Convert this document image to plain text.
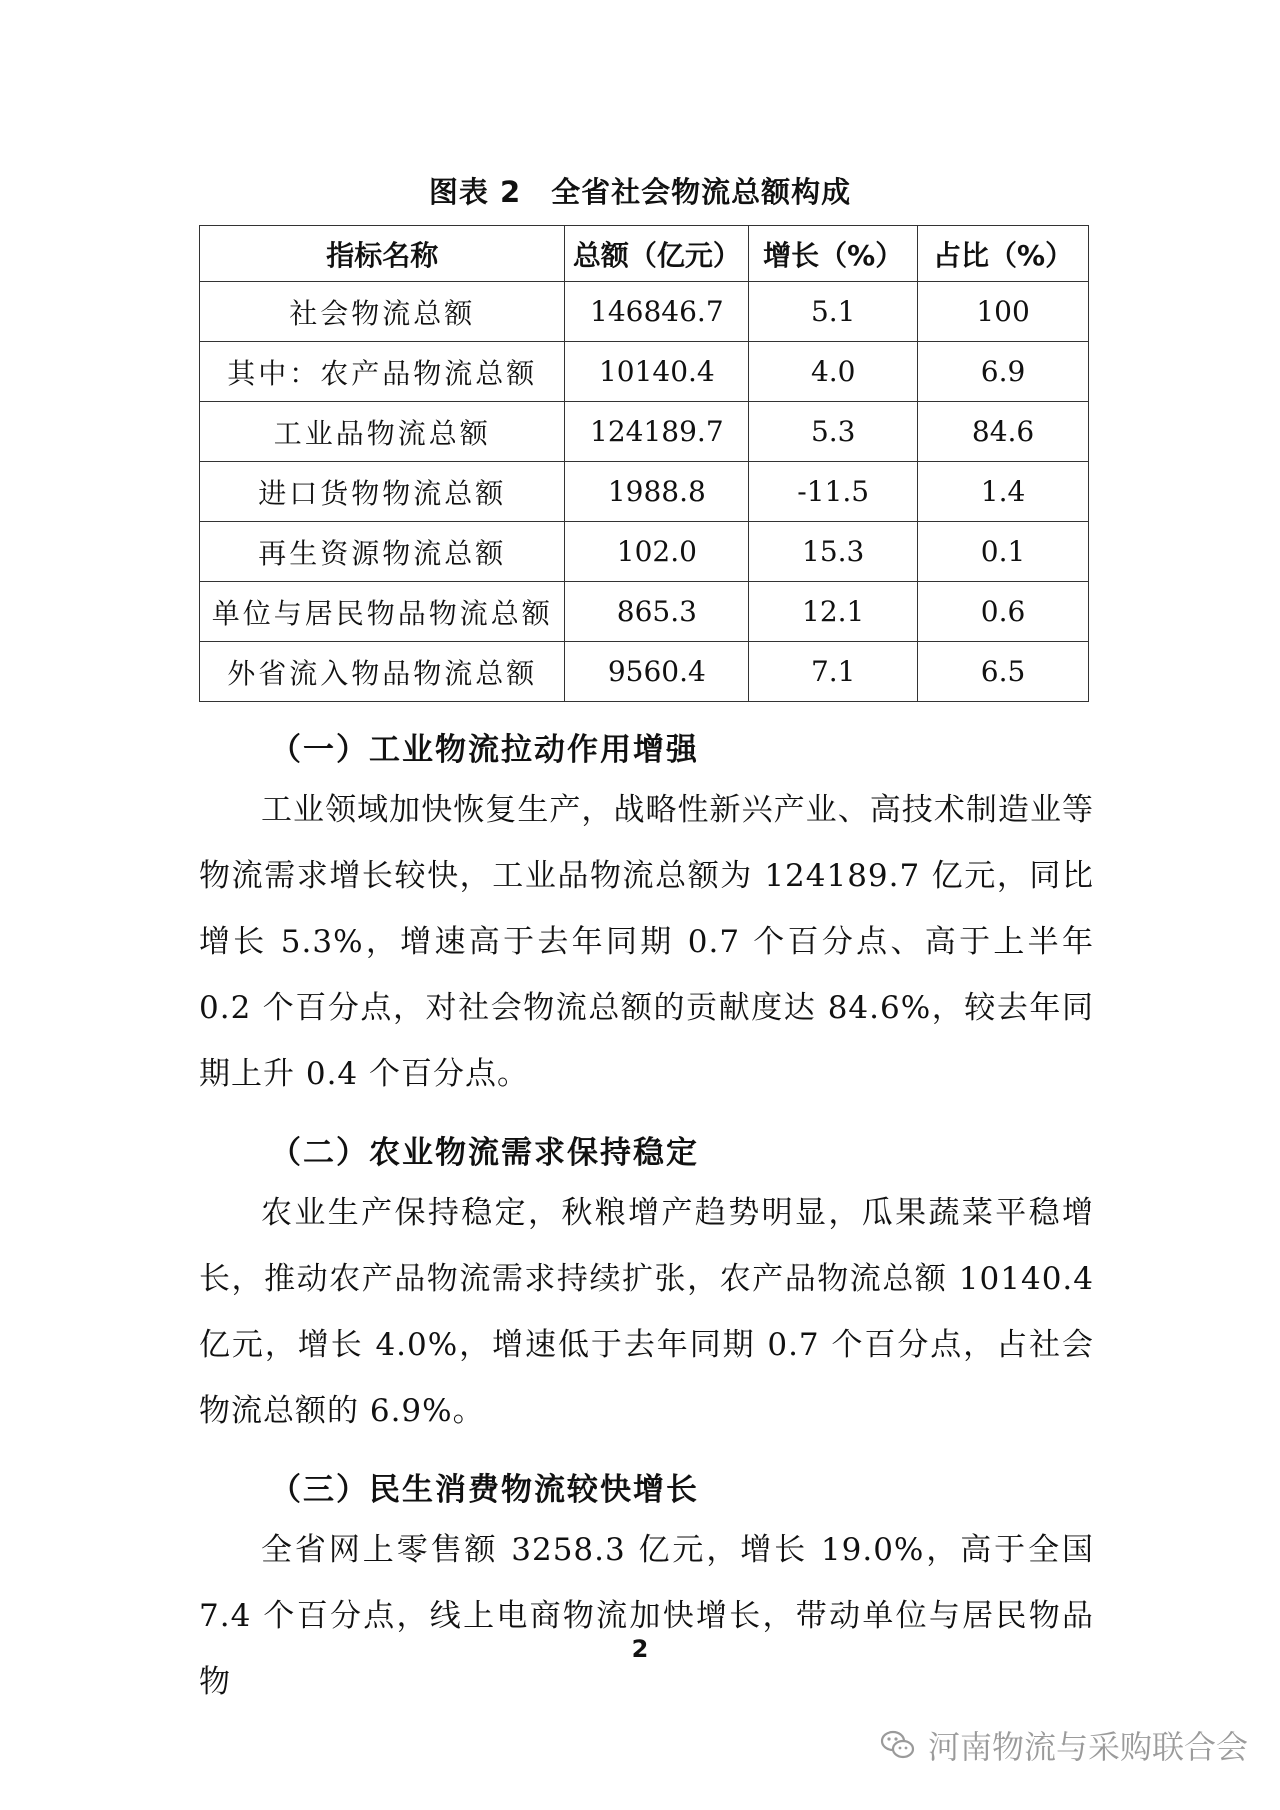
图表 2　全省社会物流总额构成
指标名称	总额（亿元）	增长（%）	占比（%）
社会物流总额	146846.7	5.1	100
其中：农产品物流总额	10140.4	4.0	6.9
工业品物流总额	124189.7	5.3	84.6
进口货物物流总额	1988.8	-11.5	1.4
再生资源物流总额	102.0	15.3	0.1
单位与居民物品物流总额	865.3	12.1	0.6
外省流入物品物流总额	9560.4	7.1	6.5
（一）工业物流拉动作用增强
工业领域加快恢复生产，战略性新兴产业、高技术制造业等物流需求增长较快，工业品物流总额为 124189.7 亿元，同比增长 5.3%，增速高于去年同期 0.7 个百分点、高于上半年 0.2 个百分点，对社会物流总额的贡献度达 84.6%，较去年同期上升 0.4 个百分点。
（二）农业物流需求保持稳定
农业生产保持稳定，秋粮增产趋势明显，瓜果蔬菜平稳增长，推动农产品物流需求持续扩张，农产品物流总额 10140.4 亿元，增长 4.0%，增速低于去年同期 0.7 个百分点，占社会物流总额的 6.9%。
（三）民生消费物流较快增长
全省网上零售额 3258.3 亿元，增长 19.0%，高于全国 7.4 个百分点，线上电商物流加快增长，带动单位与居民物品物
2
河南物流与采购联合会
